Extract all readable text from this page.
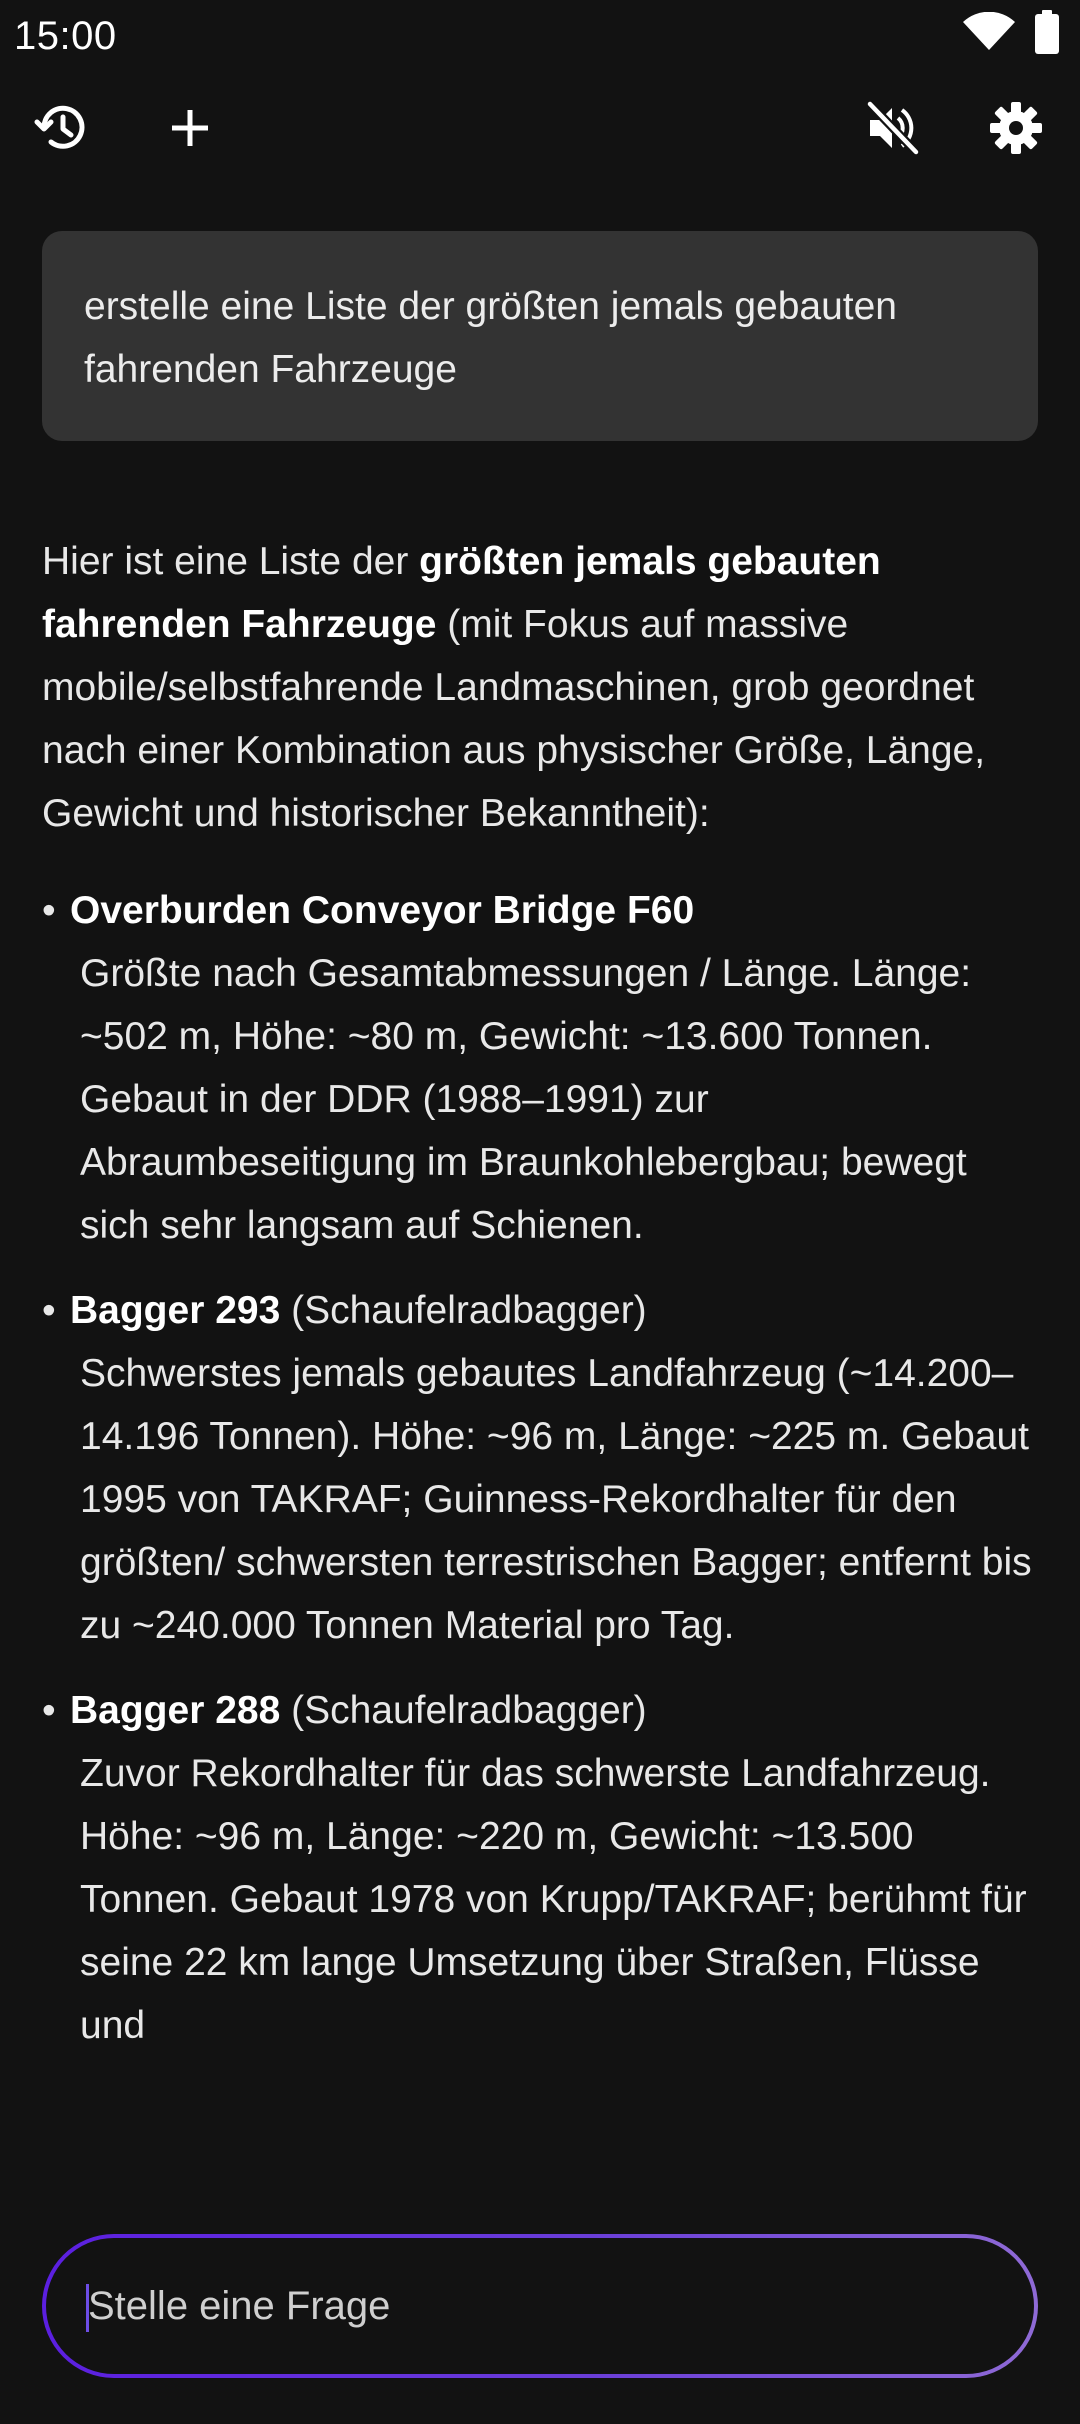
15:00
erstelle eine Liste der größten jemals gebauten fahrenden Fahrzeuge

Hier ist eine Liste der größten jemals gebauten fahrenden Fahrzeuge (mit Fokus auf massive mobile/selbstfahrende Landmaschinen, grob geordnet nach einer Kombination aus physischer Größe, Länge, Gewicht und historischer Bekanntheit):

• Overburden Conveyor Bridge F60
Größte nach Gesamtabmessungen / Länge. Länge: ~502 m, Höhe: ~80 m, Gewicht: ~13.600 Tonnen. Gebaut in der DDR (1988–1991) zur Abraumbeseitigung im Braunkohlebergbau; bewegt sich sehr langsam auf Schienen.
• Bagger 293 (Schaufelradbagger)
Schwerstes jemals gebautes Landfahrzeug (~14.200–14.196 Tonnen). Höhe: ~96 m, Länge: ~225 m. Gebaut 1995 von TAKRAF; Guinness-Rekordhalter für den größten/ schwersten terrestrischen Bagger; entfernt bis zu ~240.000 Tonnen Material pro Tag.
• Bagger 288 (Schaufelradbagger)
Zuvor Rekordhalter für das schwerste Landfahrzeug. Höhe: ~96 m, Länge: ~220 m, Gewicht: ~13.500 Tonnen. Gebaut 1978 von Krupp/TAKRAF; berühmt für seine 22 km lange Umsetzung über Straßen, Flüsse und
Stelle eine Frage
